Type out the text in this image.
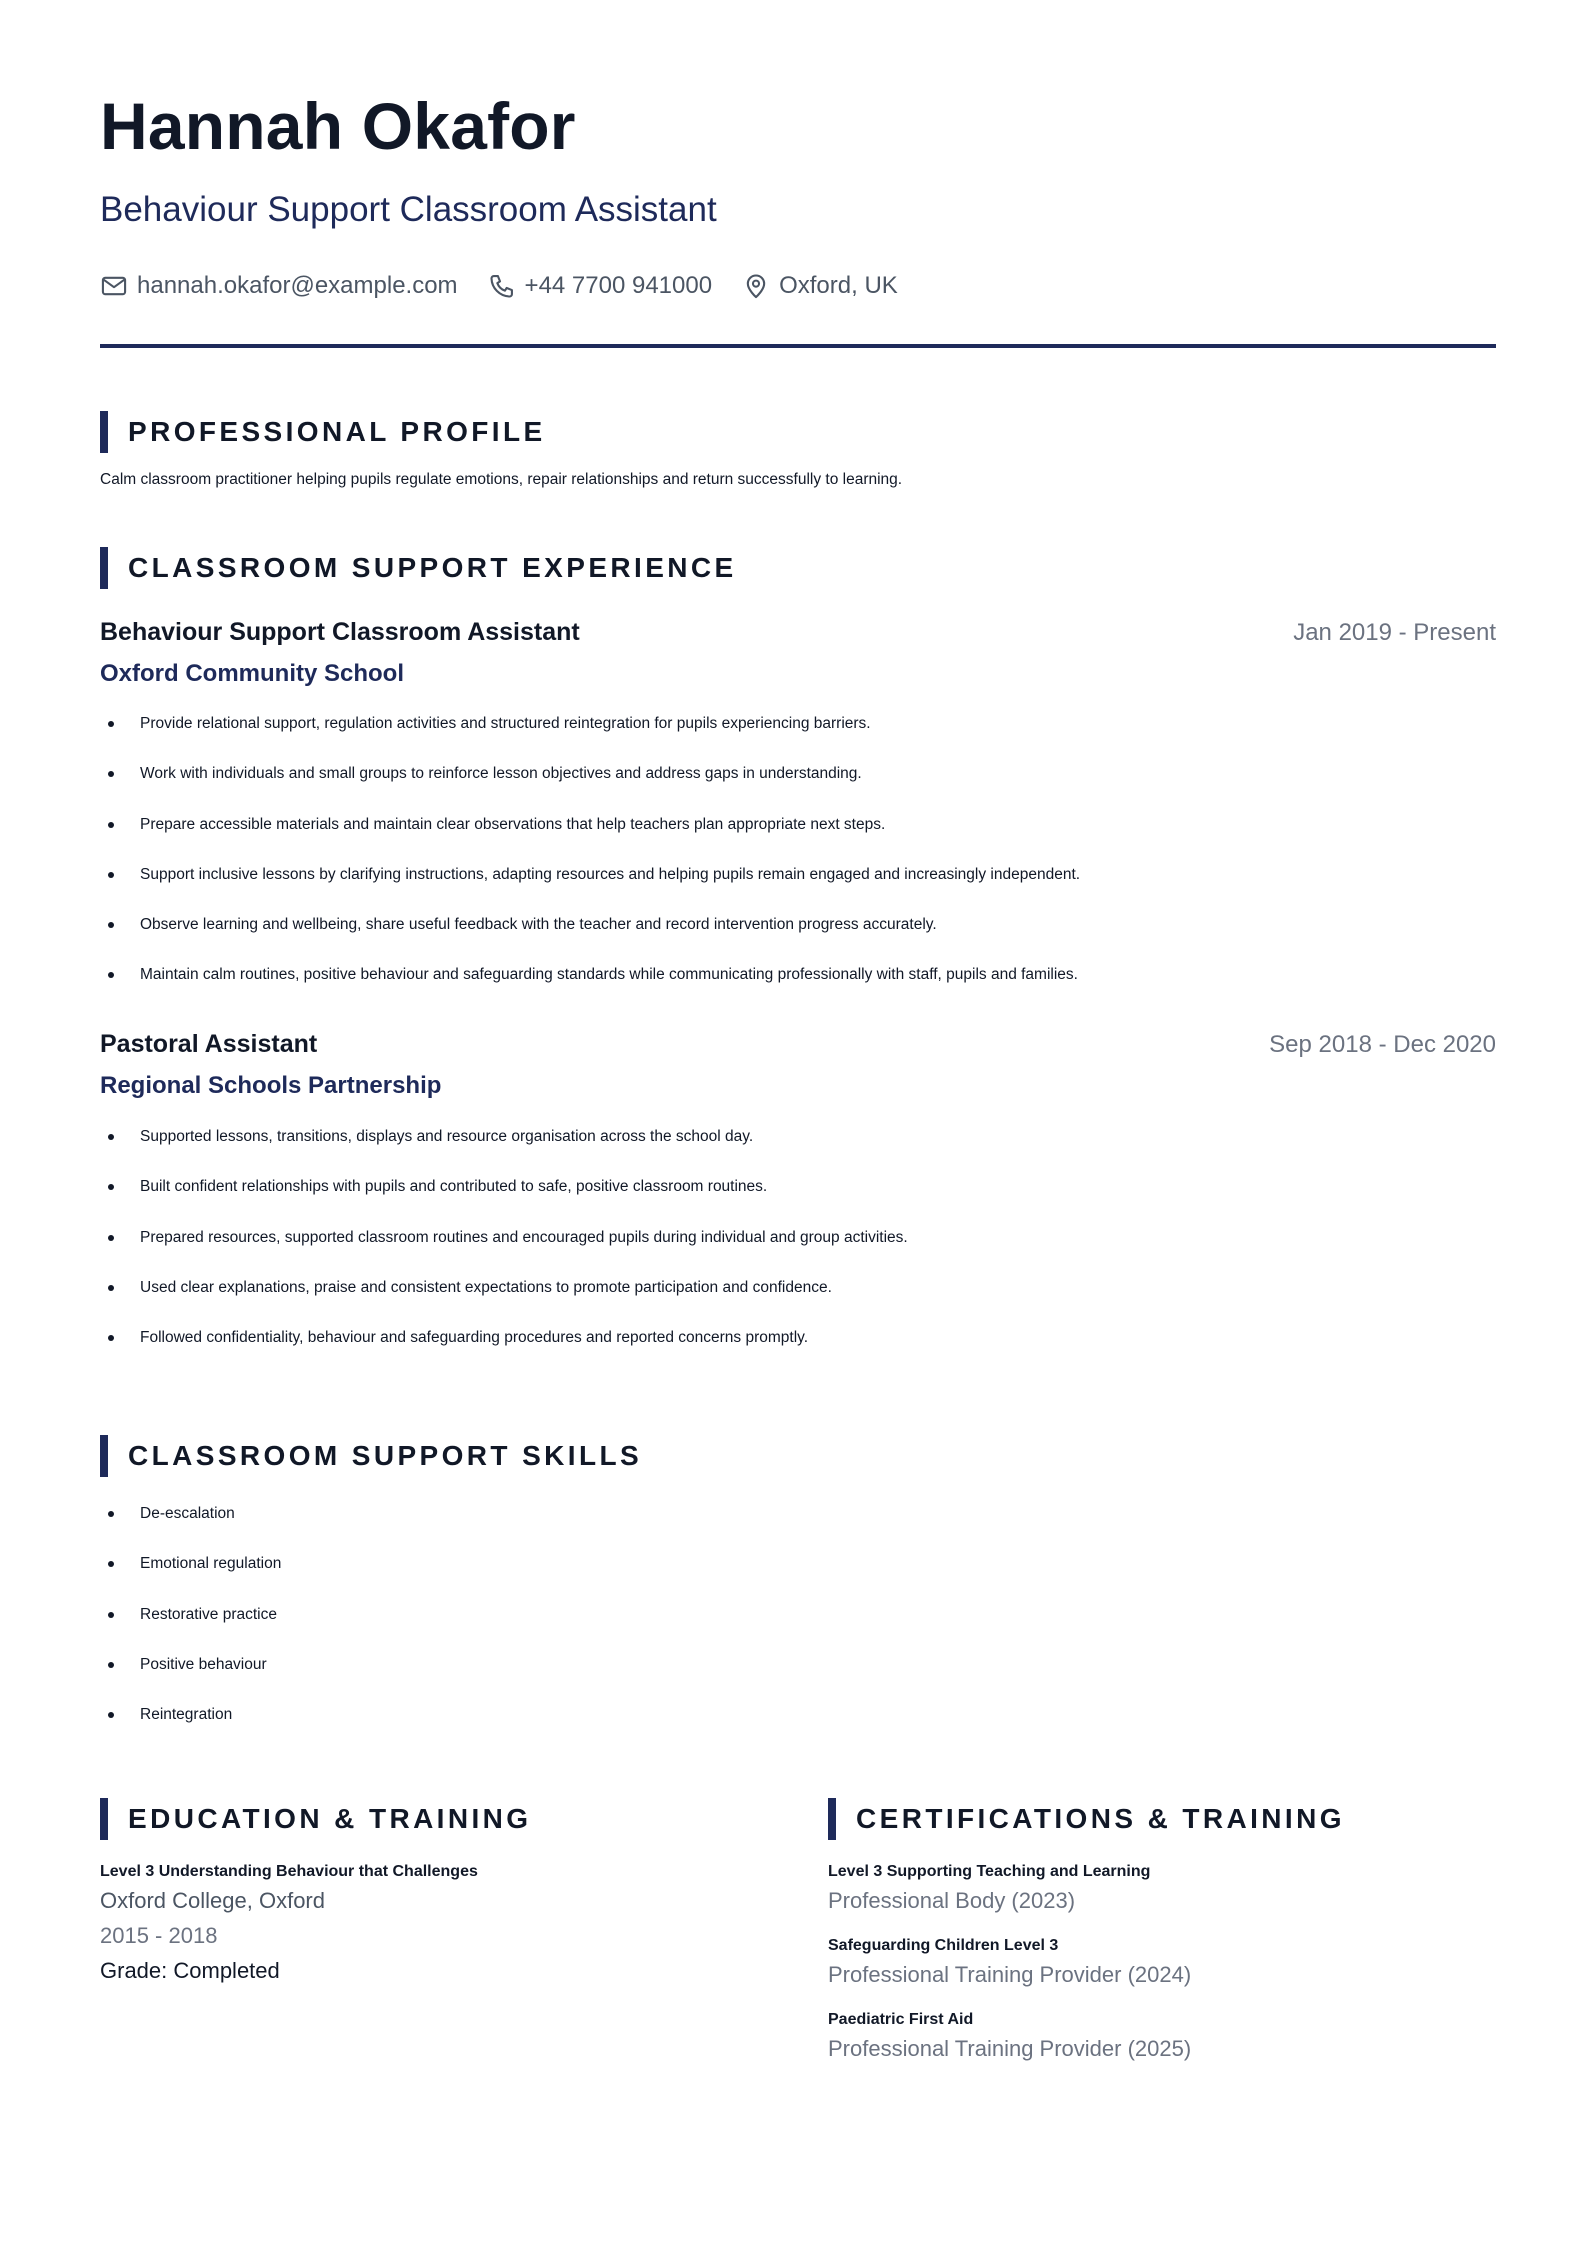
Hannah Okafor
Behaviour Support Classroom Assistant
hannah.okafor@example.com	+44 7700 941000	Oxford, UK
PROFESSIONAL PROFILE
Calm classroom practitioner helping pupils regulate emotions, repair relationships and return successfully to learning.
CLASSROOM SUPPORT EXPERIENCE
Behaviour Support Classroom Assistant	Jan 2019 - Present
Oxford Community School
Provide relational support, regulation activities and structured reintegration for pupils experiencing barriers.
Work with individuals and small groups to reinforce lesson objectives and address gaps in understanding.
Prepare accessible materials and maintain clear observations that help teachers plan appropriate next steps.
Support inclusive lessons by clarifying instructions, adapting resources and helping pupils remain engaged and increasingly independent.
Observe learning and wellbeing, share useful feedback with the teacher and record intervention progress accurately.
Maintain calm routines, positive behaviour and safeguarding standards while communicating professionally with staff, pupils and families.
Pastoral Assistant	Sep 2018 - Dec 2020
Regional Schools Partnership
Supported lessons, transitions, displays and resource organisation across the school day.
Built confident relationships with pupils and contributed to safe, positive classroom routines.
Prepared resources, supported classroom routines and encouraged pupils during individual and group activities.
Used clear explanations, praise and consistent expectations to promote participation and confidence.
Followed confidentiality, behaviour and safeguarding procedures and reported concerns promptly.
CLASSROOM SUPPORT SKILLS
De-escalation
Emotional regulation
Restorative practice
Positive behaviour
Reintegration
EDUCATION & TRAINING
Level 3 Understanding Behaviour that Challenges
Oxford College, Oxford
2015 - 2018
Grade: Completed
CERTIFICATIONS & TRAINING
Level 3 Supporting Teaching and Learning
Professional Body (2023)
Safeguarding Children Level 3
Professional Training Provider (2024)
Paediatric First Aid
Professional Training Provider (2025)
